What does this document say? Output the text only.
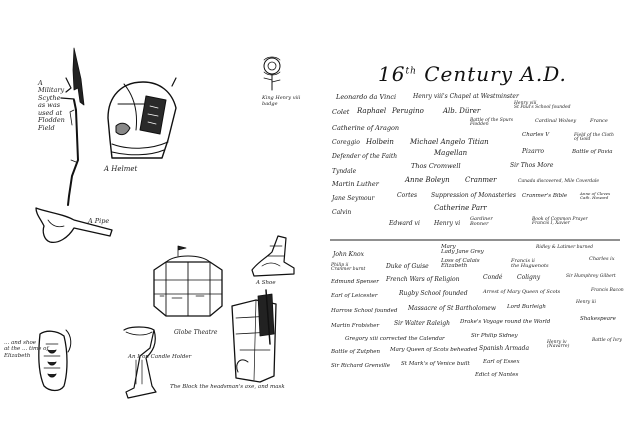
A
Military
Scythe
as was
used at
Flodden
Field
A Helmet
King Henry viii
badge
A Pipe
A Shoe
... and shoe
at the ... time of
Elizabeth
Globe Theatre
An Iron Candle Holder
The Block the headsman's axe, and mask
16th Century A.D.
Leonardo da Vinci	Henry viii's Chapel at Westminster
Colet Raphael Perugino	Alb. Dürer
Henry viii
St Paul's School founded
Catherine of Aragon
Battle of the Spurs
Flodden
Cardinal Wolsey	France
Coreggio Holbein Michael Angelo Titian
Charles V	Field of the Cloth
of Gold
Defender of the Faith	Magellan	Pizarro	Battle of Pavia
Tyndale
Thos Cromwell	Sir Thos More
Martin Luther	Anne Boleyn Cranmer	Canada discovered, Mile Coverdale
Jane Seymour	Cortes Suppression of Monasteries Cranmer's Bible	Anne of Cleves
Cath. Howard
Calvin
Catherine Parr
Edward vi Henry vi
Gardiner
Bonner
Book of Common Prayer
Francis I, Xavier
John Knox
Mary
Lady Jane Grey
Ridley & Latimer burned
Philip ii
Cranmer burnt	Duke of Guise
Loss of Calais
Elizabeth
Francis ii
the Huguenots
Charles ix
Edmund Spenser French Wars of Religion	Condé Coligny	Sir Humphrey Gilbert
Earl of Leicester	Rugby School founded	Arrest of Mary Queen of Scots	Francis Bacon
Harrow School founded Massacre of St Bartholomew Lord Burleigh
Henry iii
Martin Frobisher Sir Walter Raleigh Drake's Voyage round the World	Shakespeare
Gregory xiii corrected the Calendar	Sir Philip Sidney
Battle of Zutphen Mary Queen of Scots beheaded Spanish Armada
Henry iv
(Navarre)
Battle of Ivry
Sir Richard Grenville St Mark's of Venice built Earl of Essex
Edict of Nantes
